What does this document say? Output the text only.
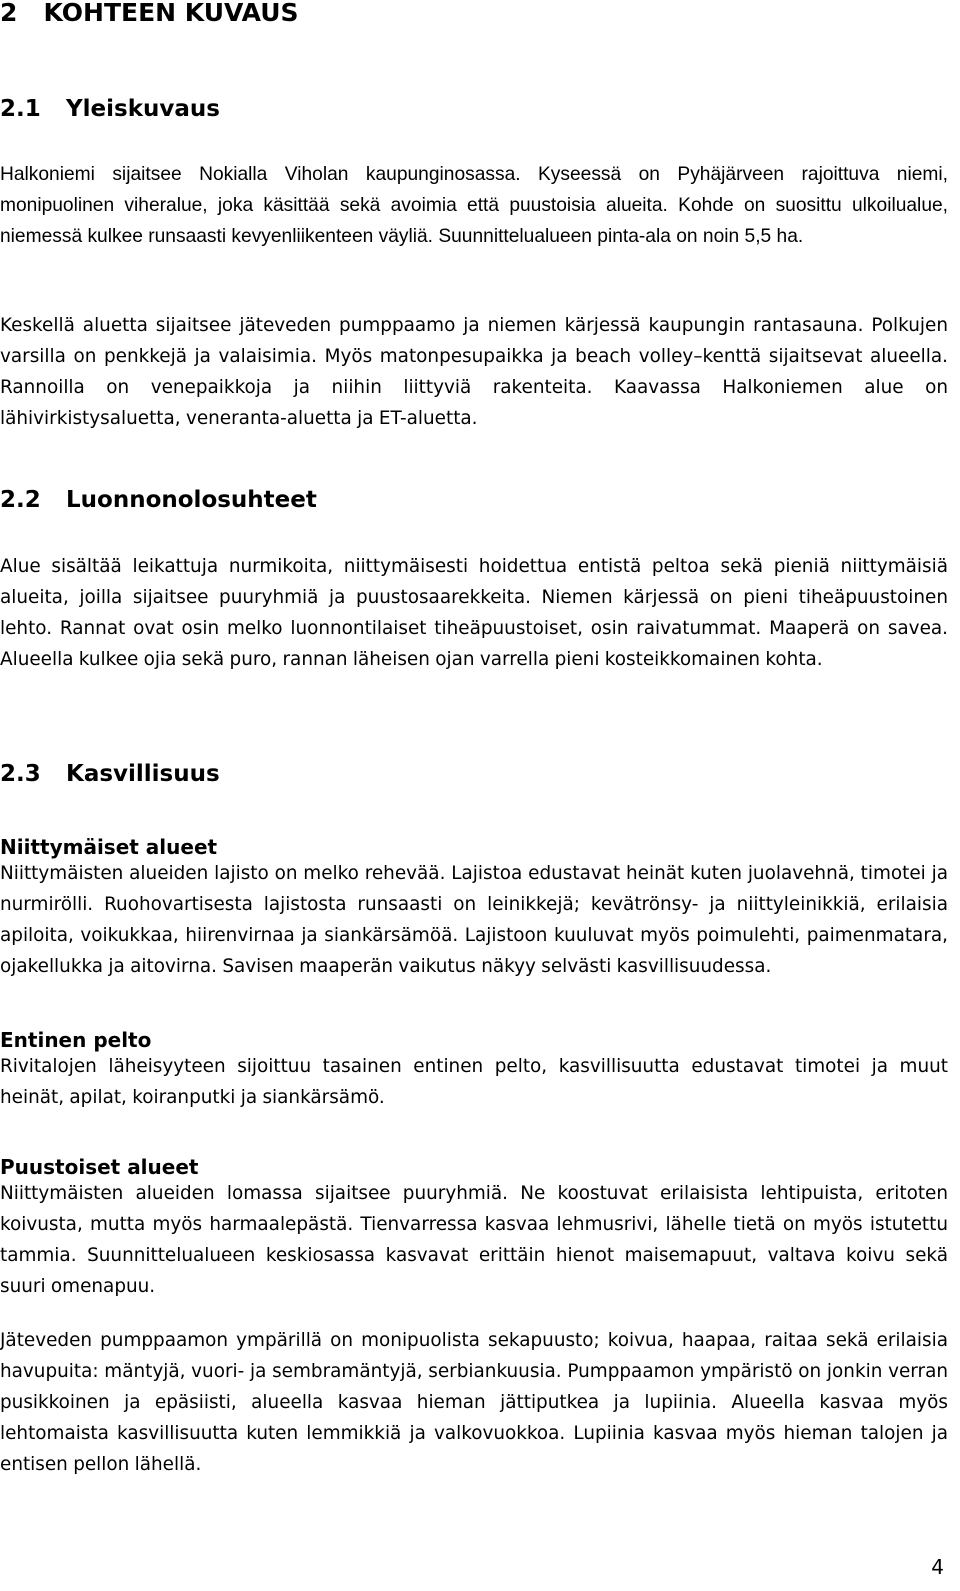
2 KOHTEEN KUVAUS
2.1 Yleiskuvaus

Halkoniemi sijaitsee Nokialla Viholan kaupunginosassa. Kyseessä on Pyhäjärveen rajoittuva niemi, monipuolinen viheralue, joka käsittää sekä avoimia että puustoisia alueita. Kohde on suosittu ulkoilualue, niemessä kulkee runsaasti kevyenliikenteen väyliä. Suunnittelualueen pinta-ala on noin 5,5 ha.

Keskellä aluetta sijaitsee jäteveden pumppaamo ja niemen kärjessä kaupungin rantasauna. Polkujen varsilla on penkkejä ja valaisimia. Myös matonpesupaikka ja beach volley–kenttä sijaitsevat alueella. Rannoilla on venepaikkoja ja niihin liittyviä rakenteita. Kaavassa Halkoniemen alue on lähivirkistysaluetta, veneranta-aluetta ja ET-aluetta.

2.2 Luonnonolosuhteet

Alue sisältää leikattuja nurmikoita, niittymäisesti hoidettua entistä peltoa sekä pieniä niittymäisiä alueita, joilla sijaitsee puuryhmiä ja puustosaarekkeita. Niemen kärjessä on pieni tiheäpuustoinen lehto. Rannat ovat osin melko luonnontilaiset tiheäpuustoiset, osin raivatummat. Maaperä on savea. Alueella kulkee ojia sekä puro, rannan läheisen ojan varrella pieni kosteikkomainen kohta.

2.3 Kasvillisuus
Niittymäiset alueet

Niittymäisten alueiden lajisto on melko rehevää. Lajistoa edustavat heinät kuten juolavehnä, timotei ja nurmirölli. Ruohovartisesta lajistosta runsaasti on leinikkejä; kevätrönsy- ja niittyleinikkiä, erilaisia apiloita, voikukkaa, hiirenvirnaa ja siankärsämöä. Lajistoon kuuluvat myös poimulehti, paimenmatara, ojakellukka ja aitovirna. Savisen maaperän vaikutus näkyy selvästi kasvillisuudessa.

Entinen pelto

Rivitalojen läheisyyteen sijoittuu tasainen entinen pelto, kasvillisuutta edustavat timotei ja muut heinät, apilat, koiranputki ja siankärsämö.

Puustoiset alueet

Niittymäisten alueiden lomassa sijaitsee puuryhmiä. Ne koostuvat erilaisista lehtipuista, eritoten koivusta, mutta myös harmaalepästä. Tienvarressa kasvaa lehmusrivi, lähelle tietä on myös istutettu tammia. Suunnittelualueen keskiosassa kasvavat erittäin hienot maisemapuut, valtava koivu sekä suuri omenapuu.

Jäteveden pumppaamon ympärillä on monipuolista sekapuusto; koivua, haapaa, raitaa sekä erilaisia havupuita: mäntyjä, vuori- ja sembramäntyjä, serbiankuusia. Pumppaamon ympäristö on jonkin verran pusikkoinen ja epäsiisti, alueella kasvaa hieman jättiputkea ja lupiinia. Alueella kasvaa myös lehtomaista kasvillisuutta kuten lemmikkiä ja valkovuokkoa. Lupiinia kasvaa myös hieman talojen ja entisen pellon lähellä.

4
